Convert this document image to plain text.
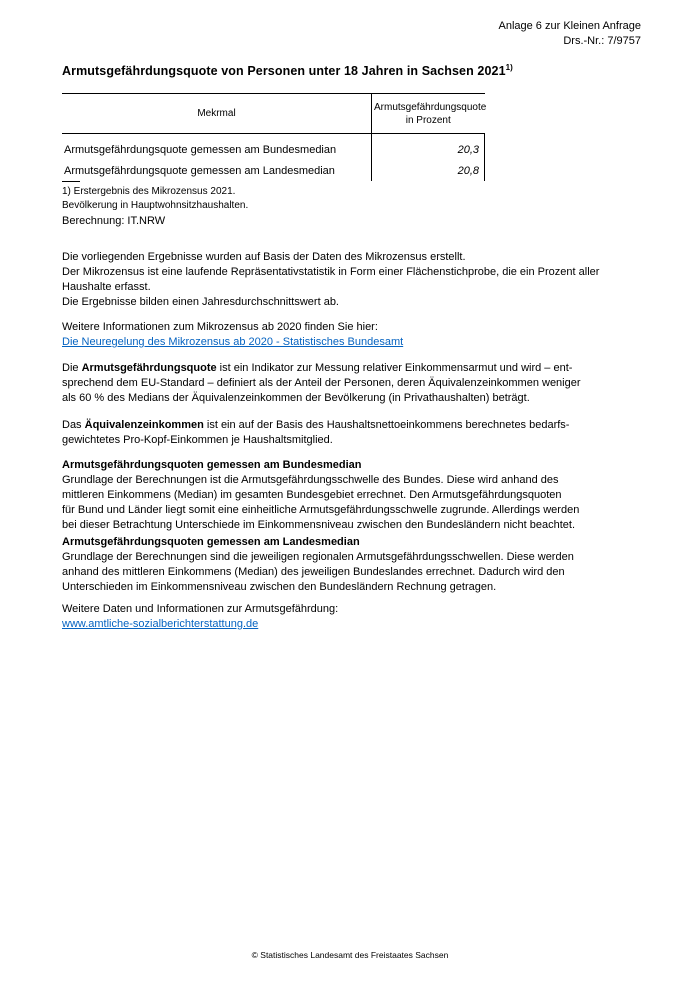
Anlage 6 zur Kleinen Anfrage
Drs.-Nr.: 7/9757
Armutsgefährdungsquote von Personen unter 18 Jahren in Sachsen 2021$^{1)}$
Mekrmal	Armutsgefährdungsquote in Prozent
Armutsgefährdungsquote gemessen am Bundesmedian	20,3
Armutsgefährdungsquote gemessen am Landesmedian	20,8
1) Erstergebnis des Mikrozensus 2021.
Bevölkerung in Hauptwohnsitzhaushalten.
Berechnung: IT.NRW
Die vorliegenden Ergebnisse wurden auf Basis der Daten des Mikrozensus erstellt.
Der Mikrozensus ist eine laufende Repräsentativstatistik in Form einer Flächenstichprobe, die ein Prozent aller
Haushalte erfasst.
Die Ergebnisse bilden einen Jahresdurchschnittswert ab.
Weitere Informationen zum Mikrozensus ab 2020 finden Sie hier:
Die Neuregelung des Mikrozensus ab 2020 - Statistisches Bundesamt
Die Armutsgefährdungsquote ist ein Indikator zur Messung relativer Einkommensarmut und wird – ent-
sprechend dem EU-Standard – definiert als der Anteil der Personen, deren Äquivalenzeinkommen weniger
als 60 % des Medians der Äquivalenzeinkommen der Bevölkerung (in Privathaushalten) beträgt.
Das Äquivalenzeinkommen ist ein auf der Basis des Haushaltsnettoeinkommens berechnetes bedarfs-
gewichtetes Pro-Kopf-Einkommen je Haushaltsmitglied.
Armutsgefährdungsquoten gemessen am Bundesmedian
Grundlage der Berechnungen ist die Armutsgefährdungsschwelle des Bundes. Diese wird anhand des
mittleren Einkommens (Median) im gesamten Bundesgebiet errechnet. Den Armutsgefährdungsquoten
für Bund und Länder liegt somit eine einheitliche Armutsgefährdungsschwelle zugrunde. Allerdings werden
bei dieser Betrachtung Unterschiede im Einkommensniveau zwischen den Bundesländern nicht beachtet.
Armutsgefährdungsquoten gemessen am Landesmedian
Grundlage der Berechnungen sind die jeweiligen regionalen Armutsgefährdungsschwellen. Diese werden
anhand des mittleren Einkommens (Median) des jeweiligen Bundeslandes errechnet. Dadurch wird den
Unterschieden im Einkommensniveau zwischen den Bundesländern Rechnung getragen.
Weitere Daten und Informationen zur Armutsgefährdung:
www.amtliche-sozialberichterstattung.de
© Statistisches Landesamt des Freistaates Sachsen
